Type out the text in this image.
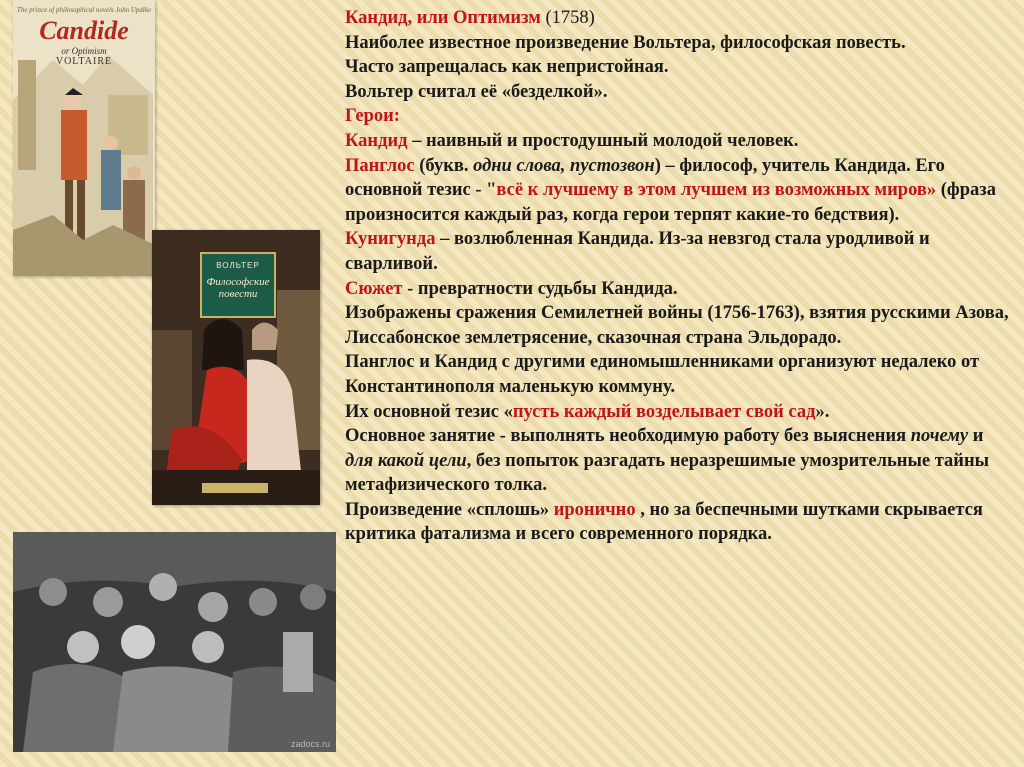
The prince of philosophical novels John Updike
Candide
or Optimism
VOLTAIRE
ВОЛЬТЕР
Философские повести
zadocs.ru

Кандид, или Оптимизм (1758)

Наиболее известное произведение Вольтера, философская повесть.

Часто запрещалась как непристойная.

Вольтер считал её «безделкой».

Герои:

Кандид – наивный и простодушный молодой человек.

Панглос (букв. одни слова, пустозвон) – философ, учитель Кандида. Его основной тезис - "всё к лучшему в этом лучшем из возможных миров» (фраза произносится каждый раз, когда герои терпят какие-то бедствия).

Кунигунда – возлюбленная Кандида. Из-за невзгод стала уродливой и сварливой.

Сюжет - превратности судьбы Кандида.

Изображены сражения Семилетней войны (1756-1763), взятия русскими Азова, Лиссабонское землетрясение, сказочная страна Эльдорадо.

Панглос и Кандид с другими единомышленниками организуют недалеко от Константинополя маленькую коммуну.

Их основной тезис «пусть каждый возделывает свой сад».

Основное занятие - выполнять необходимую работу без выяснения почему и для какой цели, без попыток разгадать неразрешимые умозрительные тайны метафизического толка.

Произведение «сплошь» иронично , но за беспечными шутками скрывается критика фатализма и всего современного порядка.
